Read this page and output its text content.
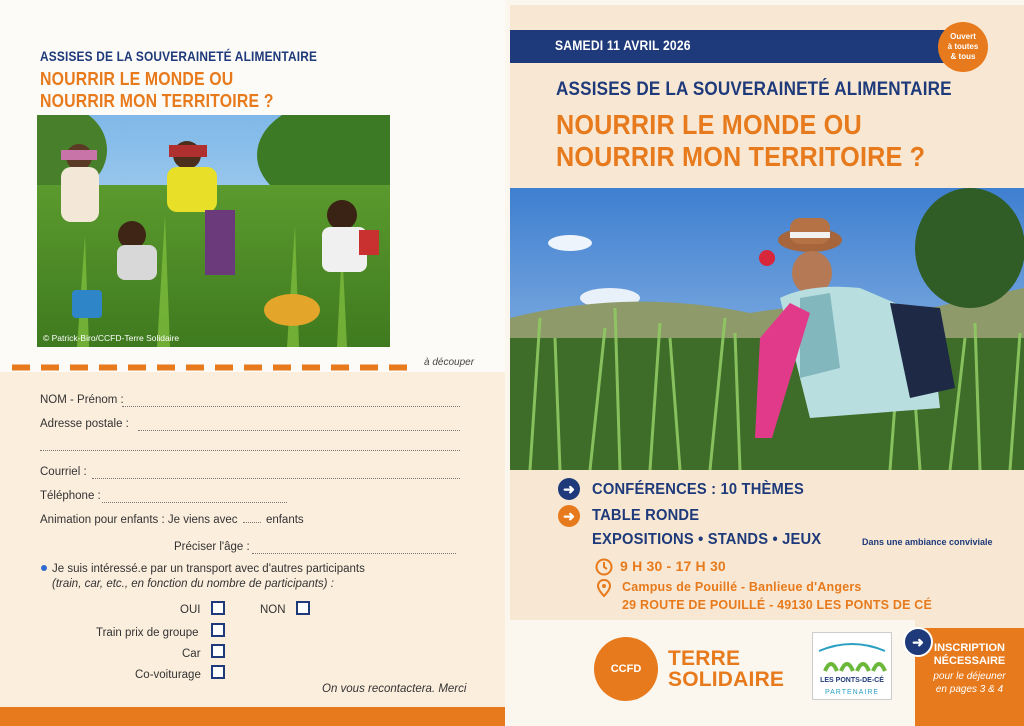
ASSISES DE LA SOUVERAINETÉ ALIMENTAIRE
NOURRIR LE MONDE OU
NOURRIR MON TERRITOIRE ?
© Patrick-Biro/CCFD-Terre Solidaire
à découper
NOM - Prénom :
Adresse postale :
Courriel :
Téléphone :
Animation pour enfants : Je viens avec enfants
Préciser l'âge :
Je suis intéressé.e par un transport avec d'autres participants
(train, car, etc., en fonction du nombre de participants) :
OUI	NON
Train prix de groupe
Car
Co-voiturage
On vous recontactera. Merci
SAMEDI 11 AVRIL 2026
Ouvert
à toutes
& tous
ASSISES DE LA SOUVERAINETÉ ALIMENTAIRE
NOURRIR LE MONDE OU
NOURRIR MON TERRITOIRE ?
➜	CONFÉRENCES : 10 THÈMES
➜	TABLE RONDE
EXPOSITIONS • STANDS • JEUX	Dans une ambiance conviviale
9 H 30 - 17 H 30
Campus de Pouillé - Banlieue d'Angers
29 ROUTE DE POUILLÉ - 49130 LES PONTS DE CÉ
CCFD	TERRE
SOLIDAIRE	LES PONTS-DE-CÉ
PARTENAIRE
INSCRIPTION
NÉCESSAIRE
pour le déjeuner
en pages 3 & 4
➜
